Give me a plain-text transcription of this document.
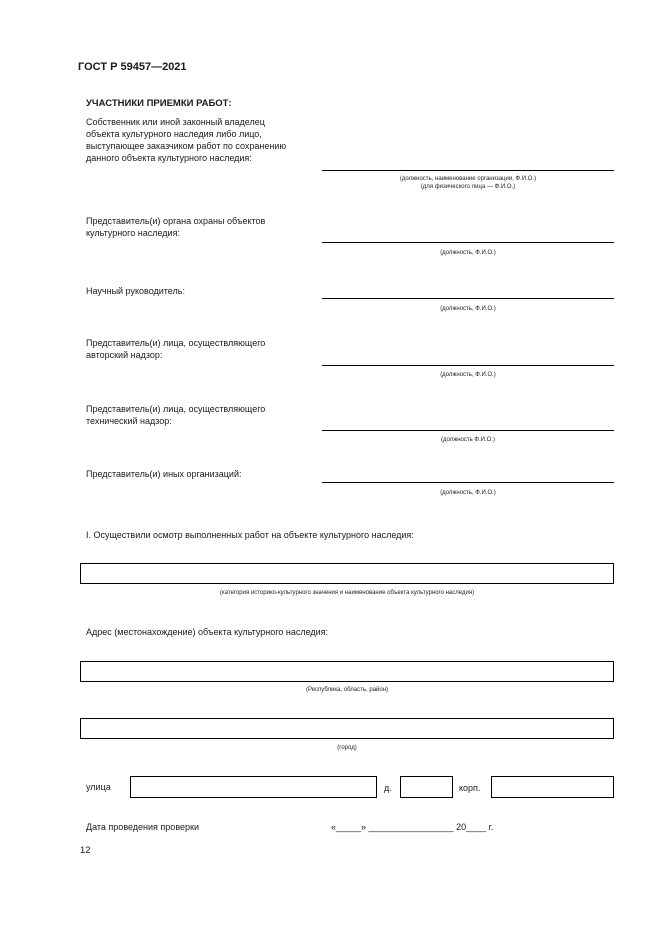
ГОСТ Р 59457—2021
УЧАСТНИКИ ПРИЕМКИ РАБОТ:
Собственник или иной законный владелец объекта культурного наследия либо лицо, выступающее заказчиком работ по сохранению данного объекта культурного наследия:
(должность, наименование организации, Ф.И.О.)
(для физического лица — Ф.И.О.)
Представитель(и) органа охраны объектов культурного наследия:
(должность, Ф.И.О.)
Научный руководитель:
(должность, Ф.И.О.)
Представитель(и) лица, осуществляющего авторский надзор:
(должность, Ф.И.О.)
Представитель(и) лица, осуществляющего технический надзор:
(должность Ф.И.О.)
Представитель(и) иных организаций:
(должность, Ф.И.О.)
I. Осуществили осмотр выполненных работ на объекте культурного наследия:
(категория историко-культурного значения и наименование объекта культурного наследия)
Адрес (местонахождение) объекта культурного наследия:
(Республика, область, район)
(город)
улица	д.	корп.
Дата проведения проверки	«_____» _________________ 20____ г.
12
